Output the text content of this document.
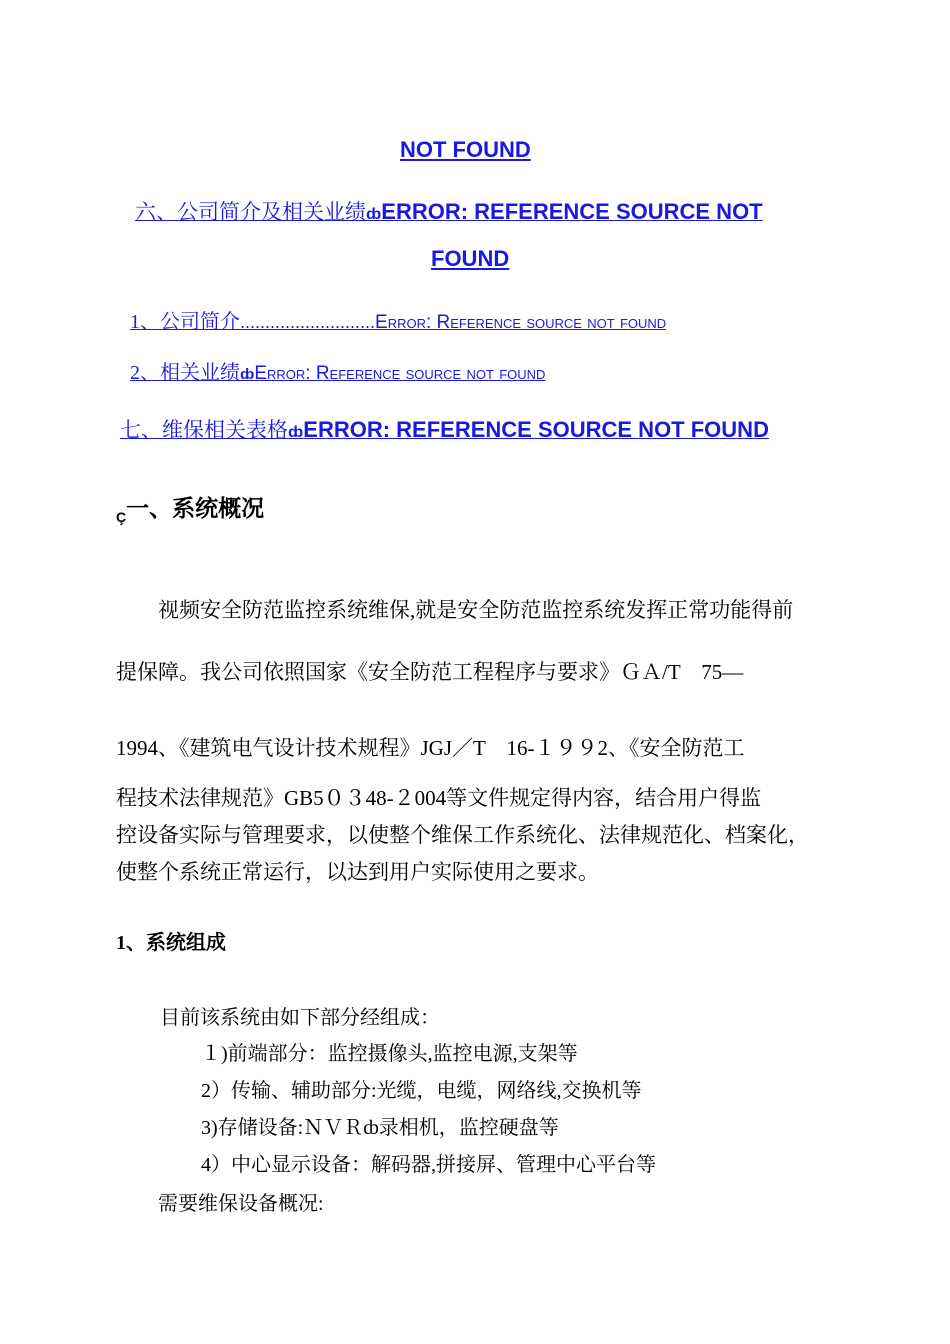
NOT FOUND
六、公司简介及相关业绩ȸERROR: REFERENCE SOURCE NOT
FOUND
1、公司简介...........................Error: Reference source not found
2、相关业绩ȸError: Reference source not found
七、维保相关表格ȸERROR: REFERENCE SOURCE NOT FOUND
Ç一、系统概况
视频安全防范监控系统维保,就是安全防范监控系统发挥正常功能得前
提保障。我公司依照国家《安全防范工程程序与要求》ＧＡ/T　75—
1994、《建筑电气设计技术规程》JGJ／T　16-１９９2、《安全防范工
程技术法律规范》GB5０３48-２004等文件规定得内容，结合用户得监
控设备实际与管理要求，以使整个维保工作系统化、法律规范化、档案化，
使整个系统正常运行，以达到用户实际使用之要求。
1、系统组成
目前该系统由如下部分经组成：
１)前端部分：监控摄像头,监控电源,支架等
2）传输、辅助部分:光缆，电缆，网络线,交换机等
3)存储设备:ＮＶＲȸ录相机，监控硬盘等
4）中心显示设备：解码器,拼接屏、管理中心平台等
需要维保设备概况:
